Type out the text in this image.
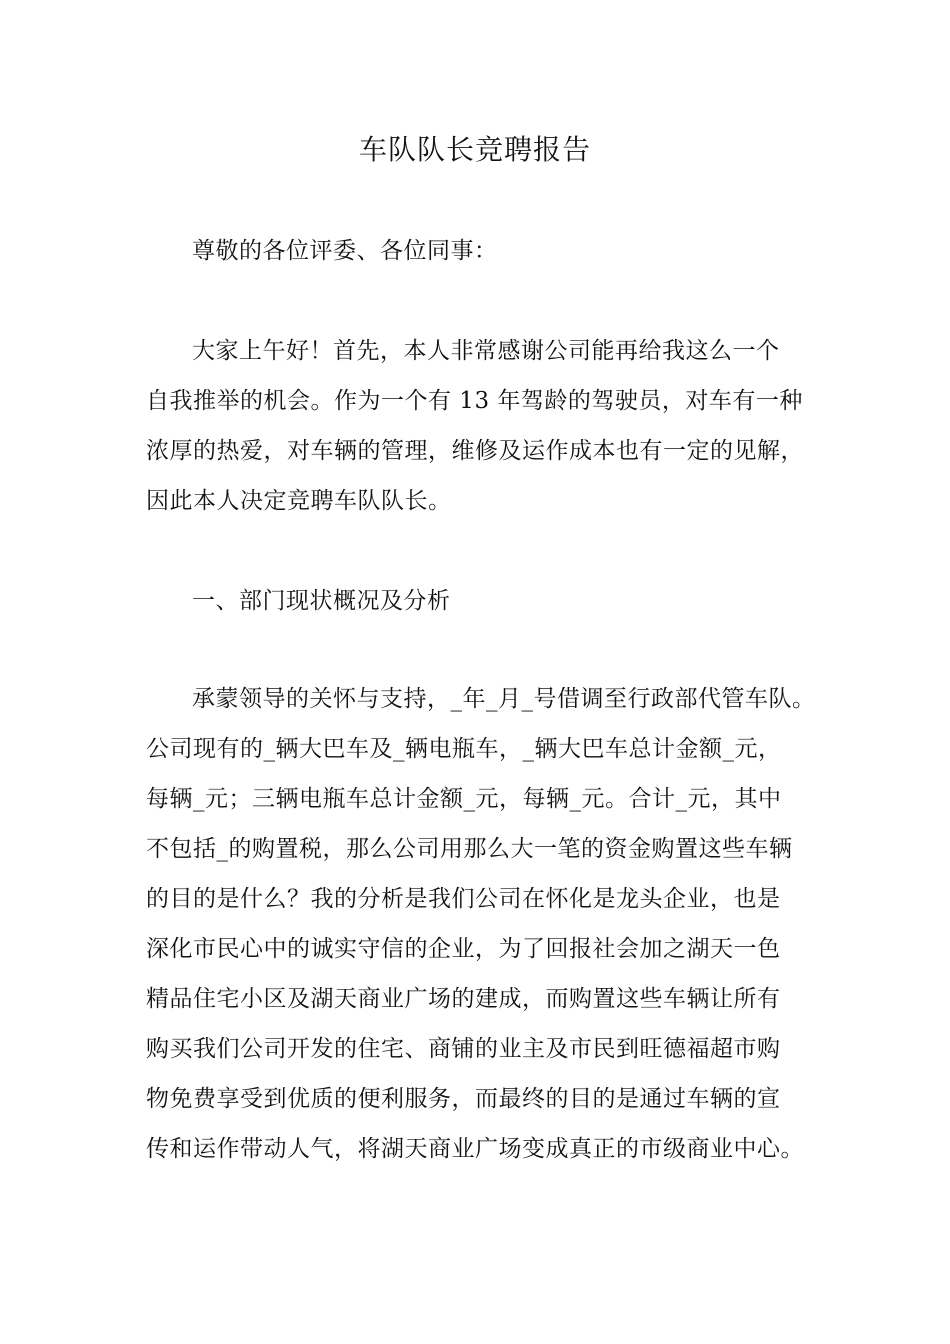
车队队长竞聘报告

尊敬的各位评委、各位同事：

大家上午好！首先，本人非常感谢公司能再给我这么一个
自我推举的机会。作为一个有 13 年驾龄的驾驶员，对车有一种
浓厚的热爱，对车辆的管理，维修及运作成本也有一定的见解，
因此本人决定竞聘车队队长。

一、部门现状概况及分析

承蒙领导的关怀与支持，_年_月_号借调至行政部代管车队。
公司现有的_辆大巴车及_辆电瓶车，_辆大巴车总计金额_元，
每辆_元；三辆电瓶车总计金额_元，每辆_元。合计_元，其中
不包括_的购置税，那么公司用那么大一笔的资金购置这些车辆
的目的是什么？我的分析是我们公司在怀化是龙头企业，也是
深化市民心中的诚实守信的企业，为了回报社会加之湖天一色
精品住宅小区及湖天商业广场的建成，而购置这些车辆让所有
购买我们公司开发的住宅、商铺的业主及市民到旺德福超市购
物免费享受到优质的便利服务，而最终的目的是通过车辆的宣
传和运作带动人气，将湖天商业广场变成真正的市级商业中心。
